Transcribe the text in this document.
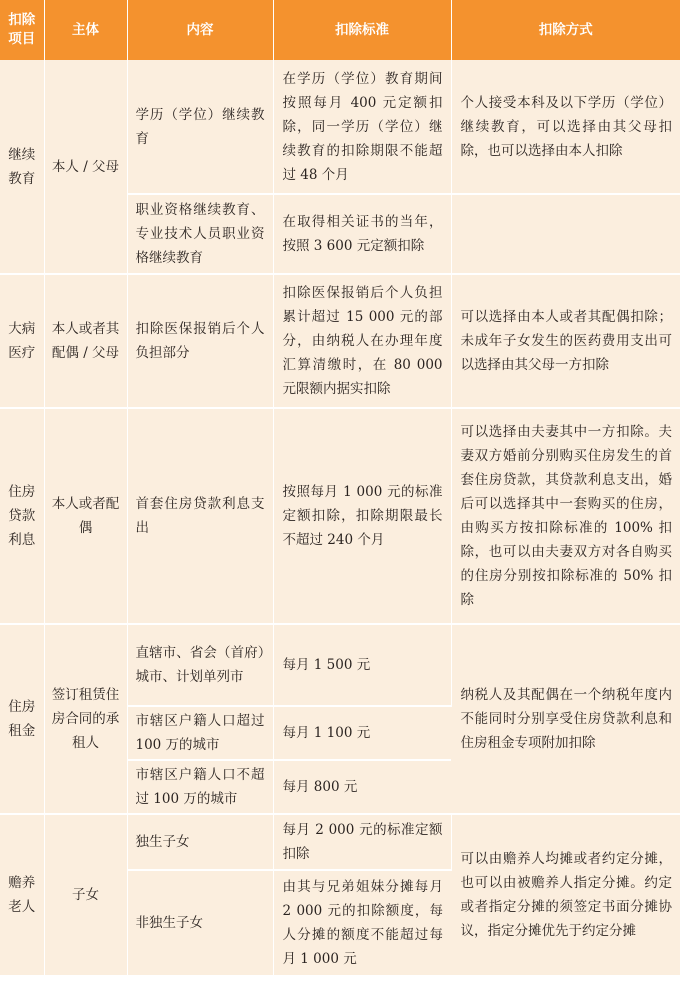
扣除项目	主体	内容	扣除标准	扣除方式
继续教育	本人 / 父母	学历（学位）继续教育	在学历（学位）教育期间按照每月 400 元定额扣除，同一学历（学位）继续教育的扣除期限不能超过 48 个月	个人接受本科及以下学历（学位）继续教育，可以选择由其父母扣除，也可以选择由本人扣除
		职业资格继续教育、专业技术人员职业资格继续教育	在取得相关证书的当年，按照 3 600 元定额扣除	
大病医疗	本人或者其配偶 / 父母	扣除医保报销后个人负担部分	扣除医保报销后个人负担累计超过 15 000 元的部分，由纳税人在办理年度汇算清缴时，在 80 000 元限额内据实扣除	可以选择由本人或者其配偶扣除；未成年子女发生的医药费用支出可以选择由其父母一方扣除
住房贷款利息	本人或者配偶	首套住房贷款利息支出	按照每月 1 000 元的标准定额扣除，扣除期限最长不超过 240 个月	可以选择由夫妻其中一方扣除。夫妻双方婚前分别购买住房发生的首套住房贷款，其贷款利息支出，婚后可以选择其中一套购买的住房，由购买方按扣除标准的 100% 扣除，也可以由夫妻双方对各自购买的住房分别按扣除标准的 50% 扣除
住房租金	签订租赁住房合同的承租人	直辖市、省会（首府）城市、计划单列市	每月 1 500 元	纳税人及其配偶在一个纳税年度内不能同时分别享受住房贷款利息和住房租金专项附加扣除
		市辖区户籍人口超过 100 万的城市	每月 1 100 元	
		市辖区户籍人口不超过 100 万的城市	每月 800 元	
赡养老人	子女	独生子女	每月 2 000 元的标准定额扣除	可以由赡养人均摊或者约定分摊，也可以由被赡养人指定分摊。约定或者指定分摊的须签定书面分摊协议，指定分摊优先于约定分摊
		非独生子女	由其与兄弟姐妹分摊每月 2 000 元的扣除额度，每人分摊的额度不能超过每月 1 000 元	
